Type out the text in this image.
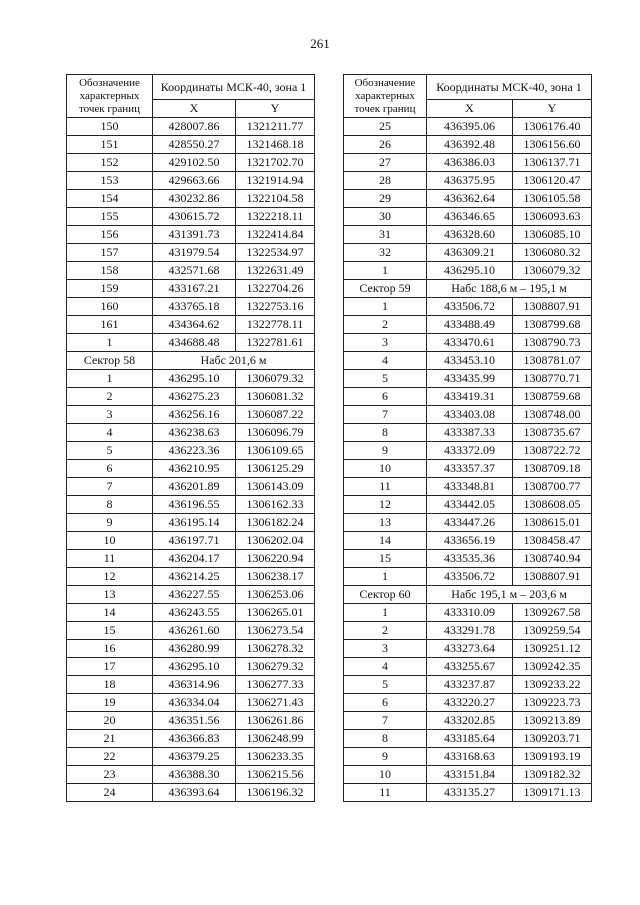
261
Обозначение характерных точек границ	Координаты МСК-40, зона 1	
	X	Y
150	428007.86	1321211.77
151	428550.27	1321468.18
152	429102.50	1321702.70
153	429663.66	1321914.94
154	430232.86	1322104.58
155	430615.72	1322218.11
156	431391.73	1322414.84
157	431979.54	1322534.97
158	432571.68	1322631.49
159	433167.21	1322704.26
160	433765.18	1322753.16
161	434364.62	1322778.11
1	434688.48	1322781.61
Сектор 58	Набс 201,6 м	
1	436295.10	1306079.32
2	436275.23	1306081.32
3	436256.16	1306087.22
4	436238.63	1306096.79
5	436223.36	1306109.65
6	436210.95	1306125.29
7	436201.89	1306143.09
8	436196.55	1306162.33
9	436195.14	1306182.24
10	436197.71	1306202.04
11	436204.17	1306220.94
12	436214.25	1306238.17
13	436227.55	1306253.06
14	436243.55	1306265.01
15	436261.60	1306273.54
16	436280.99	1306278.32
17	436295.10	1306279.32
18	436314.96	1306277.33
19	436334.04	1306271.43
20	436351.56	1306261.86
21	436366.83	1306248.99
22	436379.25	1306233.35
23	436388.30	1306215.56
24	436393.64	1306196.32
Обозначение характерных точек границ	Координаты МСК-40, зона 1	
	X	Y
25	436395.06	1306176.40
26	436392.48	1306156.60
27	436386.03	1306137.71
28	436375.95	1306120.47
29	436362.64	1306105.58
30	436346.65	1306093.63
31	436328.60	1306085.10
32	436309.21	1306080.32
1	436295.10	1306079.32
Сектор 59	Набс 188,6 м – 195,1 м	
1	433506.72	1308807.91
2	433488.49	1308799.68
3	433470.61	1308790.73
4	433453.10	1308781.07
5	433435.99	1308770.71
6	433419.31	1308759.68
7	433403.08	1308748.00
8	433387.33	1308735.67
9	433372.09	1308722.72
10	433357.37	1308709.18
11	433348.81	1308700.77
12	433442.05	1308608.05
13	433447.26	1308615.01
14	433656.19	1308458.47
15	433535.36	1308740.94
1	433506.72	1308807.91
Сектор 60	Набс 195,1 м – 203,6 м	
1	433310.09	1309267.58
2	433291.78	1309259.54
3	433273.64	1309251.12
4	433255.67	1309242.35
5	433237.87	1309233.22
6	433220.27	1309223.73
7	433202.85	1309213.89
8	433185.64	1309203.71
9	433168.63	1309193.19
10	433151.84	1309182.32
11	433135.27	1309171.13
